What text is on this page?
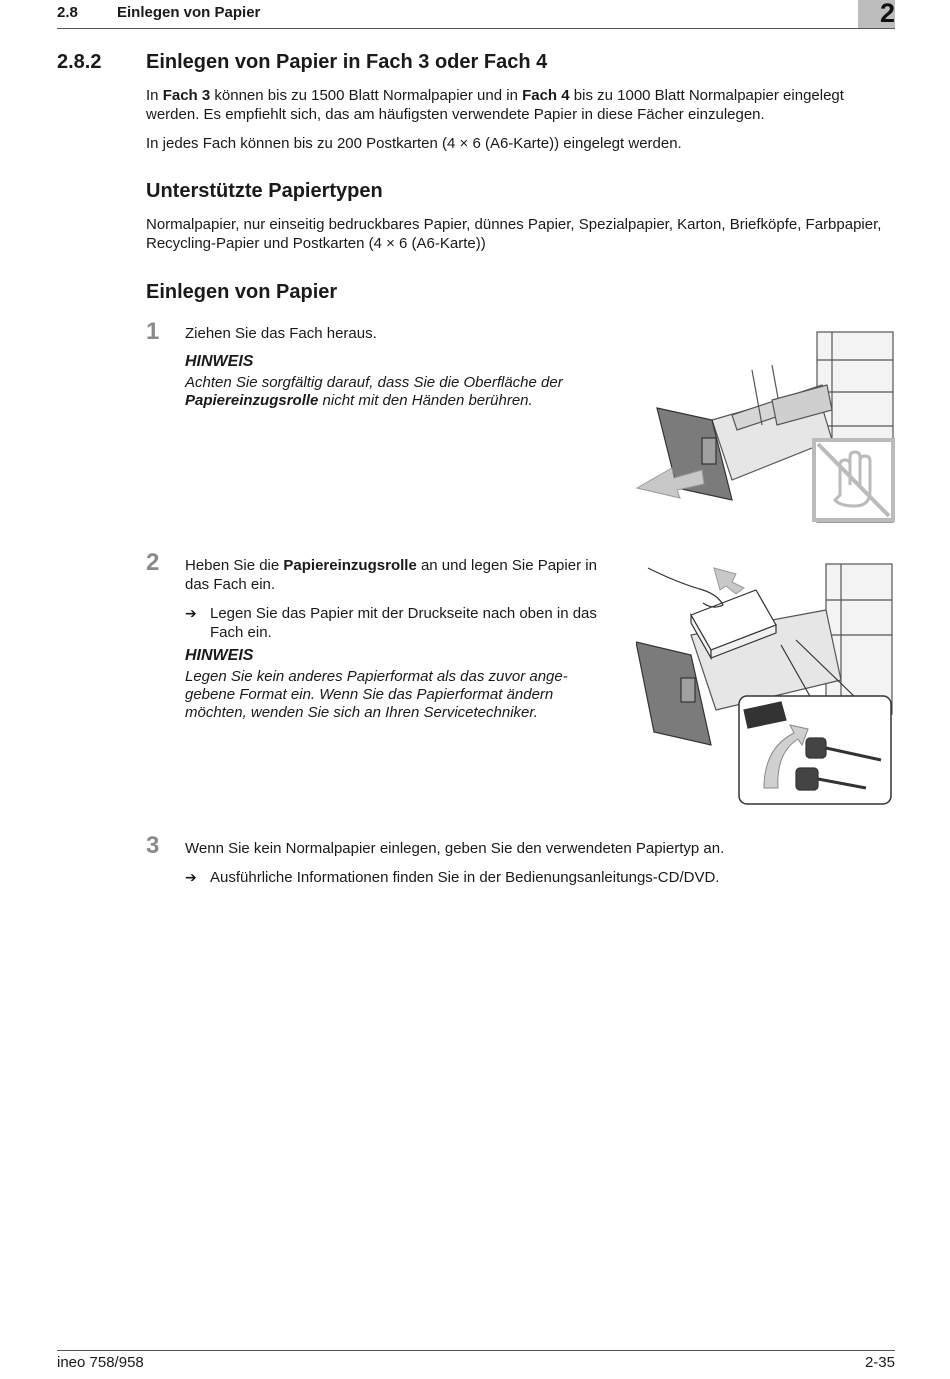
2.8	Einlegen von Papier	2
2.8.2 Einlegen von Papier in Fach 3 oder Fach 4
In Fach 3 können bis zu 1500 Blatt Normalpapier und in Fach 4 bis zu 1000 Blatt Normalpapier eingelegt werden. Es empfiehlt sich, das am häufigsten verwendete Papier in diese Fächer einzulegen.
In jedes Fach können bis zu 200 Postkarten (4 × 6 (A6-Karte)) eingelegt werden.
Unterstützte Papiertypen
Normalpapier, nur einseitig bedruckbares Papier, dünnes Papier, Spezialpapier, Karton, Briefköpfe, Farbpapier, Recycling-Papier und Postkarten (4 × 6 (A6-Karte))
Einlegen von Papier
1 Ziehen Sie das Fach heraus.
HINWEIS
Achten Sie sorgfältig darauf, dass Sie die Oberfläche der Papiereinzugsrolle nicht mit den Händen berühren.
2 Heben Sie die Papiereinzugsrolle an und legen Sie Papier in das Fach ein.
➔ Legen Sie das Papier mit der Druckseite nach oben in das Fach ein.
HINWEIS
Legen Sie kein anderes Papierformat als das zuvor ange-gebene Format ein. Wenn Sie das Papierformat ändern möchten, wenden Sie sich an Ihren Servicetechniker.
3 Wenn Sie kein Normalpapier einlegen, geben Sie den verwendeten Papiertyp an.
➔ Ausführliche Informationen finden Sie in der Bedienungsanleitungs-CD/DVD.
ineo 758/958	2-35
